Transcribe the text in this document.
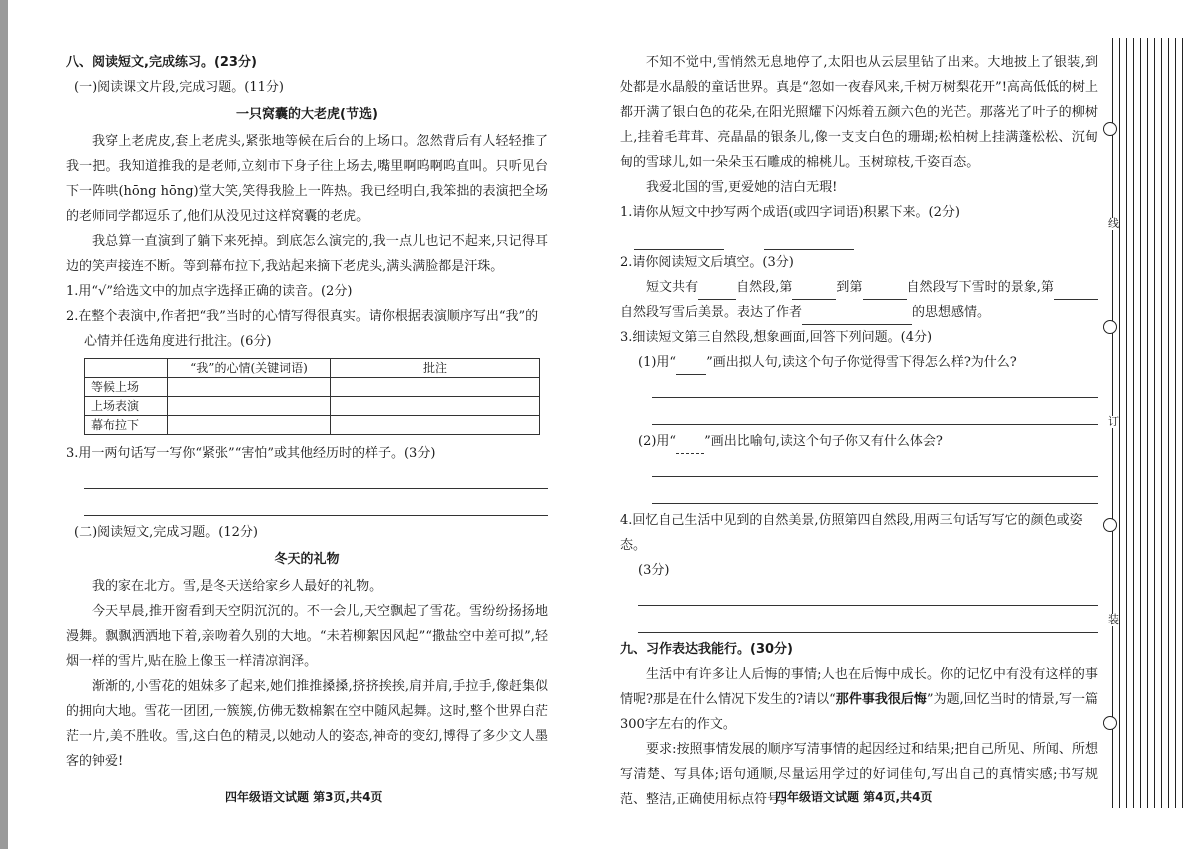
八、阅读短文,完成练习。(23分)
(一)阅读课文片段,完成习题。(11分)
一只窝囊的大老虎(节选)

我穿上老虎皮,套上老虎头,紧张地等候在后台的上场口。忽然背后有人轻轻推了我一把。我知道推我的是老师,立刻市下身子往上场去,嘴里啊呜啊呜直叫。只听见台下一阵哄(hōng hōng)堂大笑,笑得我脸上一阵热。我已经明白,我笨拙的表演把全场的老师同学都逗乐了,他们从没见过这样窝囊的老虎。

我总算一直演到了躺下来死掉。到底怎么演完的,我一点儿也记不起来,只记得耳边的笑声接连不断。等到幕布拉下,我站起来摘下老虎头,满头满脸都是汗珠。

1.用“√”给选文中的加点字选择正确的读音。(2分)

2.在整个表演中,作者把“我”当时的心情写得很真实。请你根据表演顺序写出“我”的心情并任选角度进行批注。(6分)

	“我”的心情(关键词语)	批注
等候上场		
上场表演		
幕布拉下		

3.用一两句话写一写你“紧张”“害怕”或其他经历时的样子。(3分)

(二)阅读短文,完成习题。(12分)
冬天的礼物

我的家在北方。雪,是冬天送给家乡人最好的礼物。

今天早晨,推开窗看到天空阴沉沉的。不一会儿,天空飘起了雪花。雪纷纷扬扬地漫舞。飘飘洒洒地下着,亲吻着久别的大地。“未若柳絮因风起”“撒盐空中差可拟”,轻烟一样的雪片,贴在脸上像玉一样清凉润泽。

渐渐的,小雪花的姐妹多了起来,她们推推搡搡,挤挤挨挨,肩并肩,手拉手,像赶集似的拥向大地。雪花一团团,一簇簇,仿佛无数棉絮在空中随风起舞。这时,整个世界白茫茫一片,美不胜收。雪,这白色的精灵,以她动人的姿态,神奇的变幻,博得了多少文人墨客的钟爱!

四年级语文试题 第3页,共4页

不知不觉中,雪悄然无息地停了,太阳也从云层里钻了出来。大地披上了银装,到处都是水晶般的童话世界。真是“忽如一夜春风来,千树万树梨花开”!高高低低的树上都开满了银白色的花朵,在阳光照耀下闪烁着五颜六色的光芒。那落光了叶子的柳树上,挂着毛茸茸、亮晶晶的银条儿,像一支支白色的珊瑚;松柏树上挂满蓬松松、沉甸甸的雪球儿,如一朵朵玉石雕成的棉桃儿。玉树琼枝,千姿百态。

我爱北国的雪,更爱她的洁白无瑕!

1.请你从短文中抄写两个成语(或四字词语)积累下来。(2分)

2.请你阅读短文后填空。(3分)

短文共有	自然段,第	到第	自然段写下雪时的景象,第自然段写雪后美景。表达了作者	的思想感情。

3.细读短文第三自然段,想象画面,回答下列问题。(4分)

(1)用“ ”画出拟人句,读这个句子你觉得雪下得怎么样?为什么?

(2)用“ ”画出比喻句,读这个句子你又有什么体会?

4.回忆自己生活中见到的自然美景,仿照第四自然段,用两三句话写写它的颜色或姿态。

(3分)

九、习作表达我能行。(30分)

生活中有许多让人后悔的事情;人也在后悔中成长。你的记忆中有没有这样的事情呢?那是在什么情况下发生的?请以“那件事我很后悔”为题,回忆当时的情景,写一篇300字左右的作文。

要求:按照事情发展的顺序写清事情的起因经过和结果;把自己所见、所闻、所想写清楚、写具体;语句通顺,尽量运用学过的好词佳句,写出自己的真情实感;书写规范、整洁,正确使用标点符号。

四年级语文试题 第4页,共4页
线
订
装
